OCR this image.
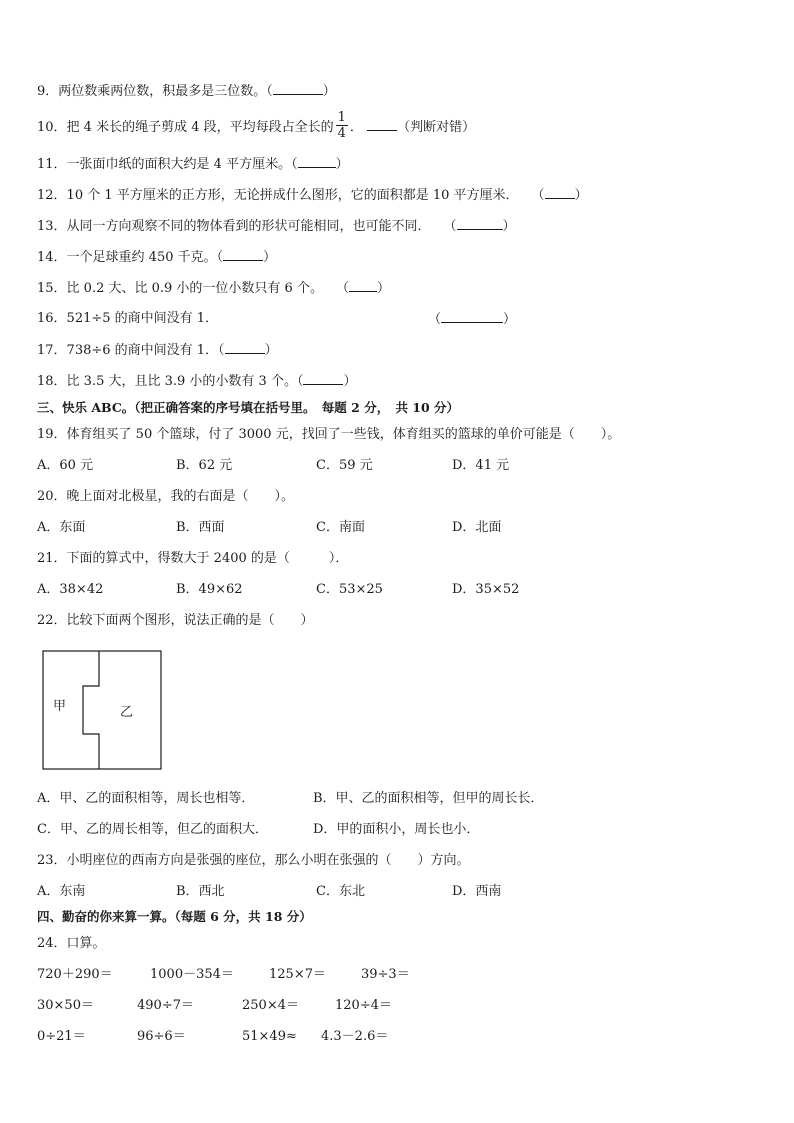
9．两位数乘两位数，积最多是三位数。（	）
10．把 4 米长的绳子剪成 4 段，平均每段占全长的 $\frac{1}{4}$ ．	（判断对错）
11．一张面巾纸的面积大约是 4 平方厘米。（	）
12．10 个 1 平方厘米的正方形，无论拼成什么图形，它的面积都是 10 平方厘米．　　（ ）
13．从同一方向观察不同的物体看到的形状可能相同，也可能不同．　　（	）
14．一个足球重约 450 千克。（	）
15．比 0.2 大、比 0.9 小的一位小数只有 6 个。　　（ ）
16．521÷5 的商中间没有 1．	（	）
17．738÷6 的商中间没有 1．（	）
18．比 3.5 大，且比 3.9 小的小数有 3 个。（	）
三、快乐 ABC。（把正确答案的序号填在括号里。　每题 2 分，　共 10 分）
19．体育组买了 50 个篮球，付了 3000 元，找回了一些钱，体育组买的篮球的单价可能是（　　）。
A．60 元	B．62 元	C．59 元	D．41 元
20．晚上面对北极星，我的右面是（　　）。
A．东面	B．西面	C．南面	D．北面
21．下面的算式中，得数大于 2400 的是（　　　）．
A．38×42	B．49×62	C．53×25	D．35×52
22．比较下面两个图形，说法正确的是（　　）
甲	乙
A．甲、乙的面积相等，周长也相等．	B．甲、乙的面积相等，但甲的周长长．
C．甲、乙的周长相等，但乙的面积大．	D．甲的面积小，周长也小．
23．小明座位的西南方向是张强的座位，那么小明在张强的（　　）方向。
A．东南	B．西北	C．东北	D．西南
四、勤奋的你来算一算。（每题 6 分，共 18 分）
24．口算。
720＋290＝	1000－354＝	125×7＝	39÷3＝
30×50＝	490÷7＝	250×4＝	120÷4＝
0÷21＝	96÷6＝	51×49≈ 4.3－2.6＝
